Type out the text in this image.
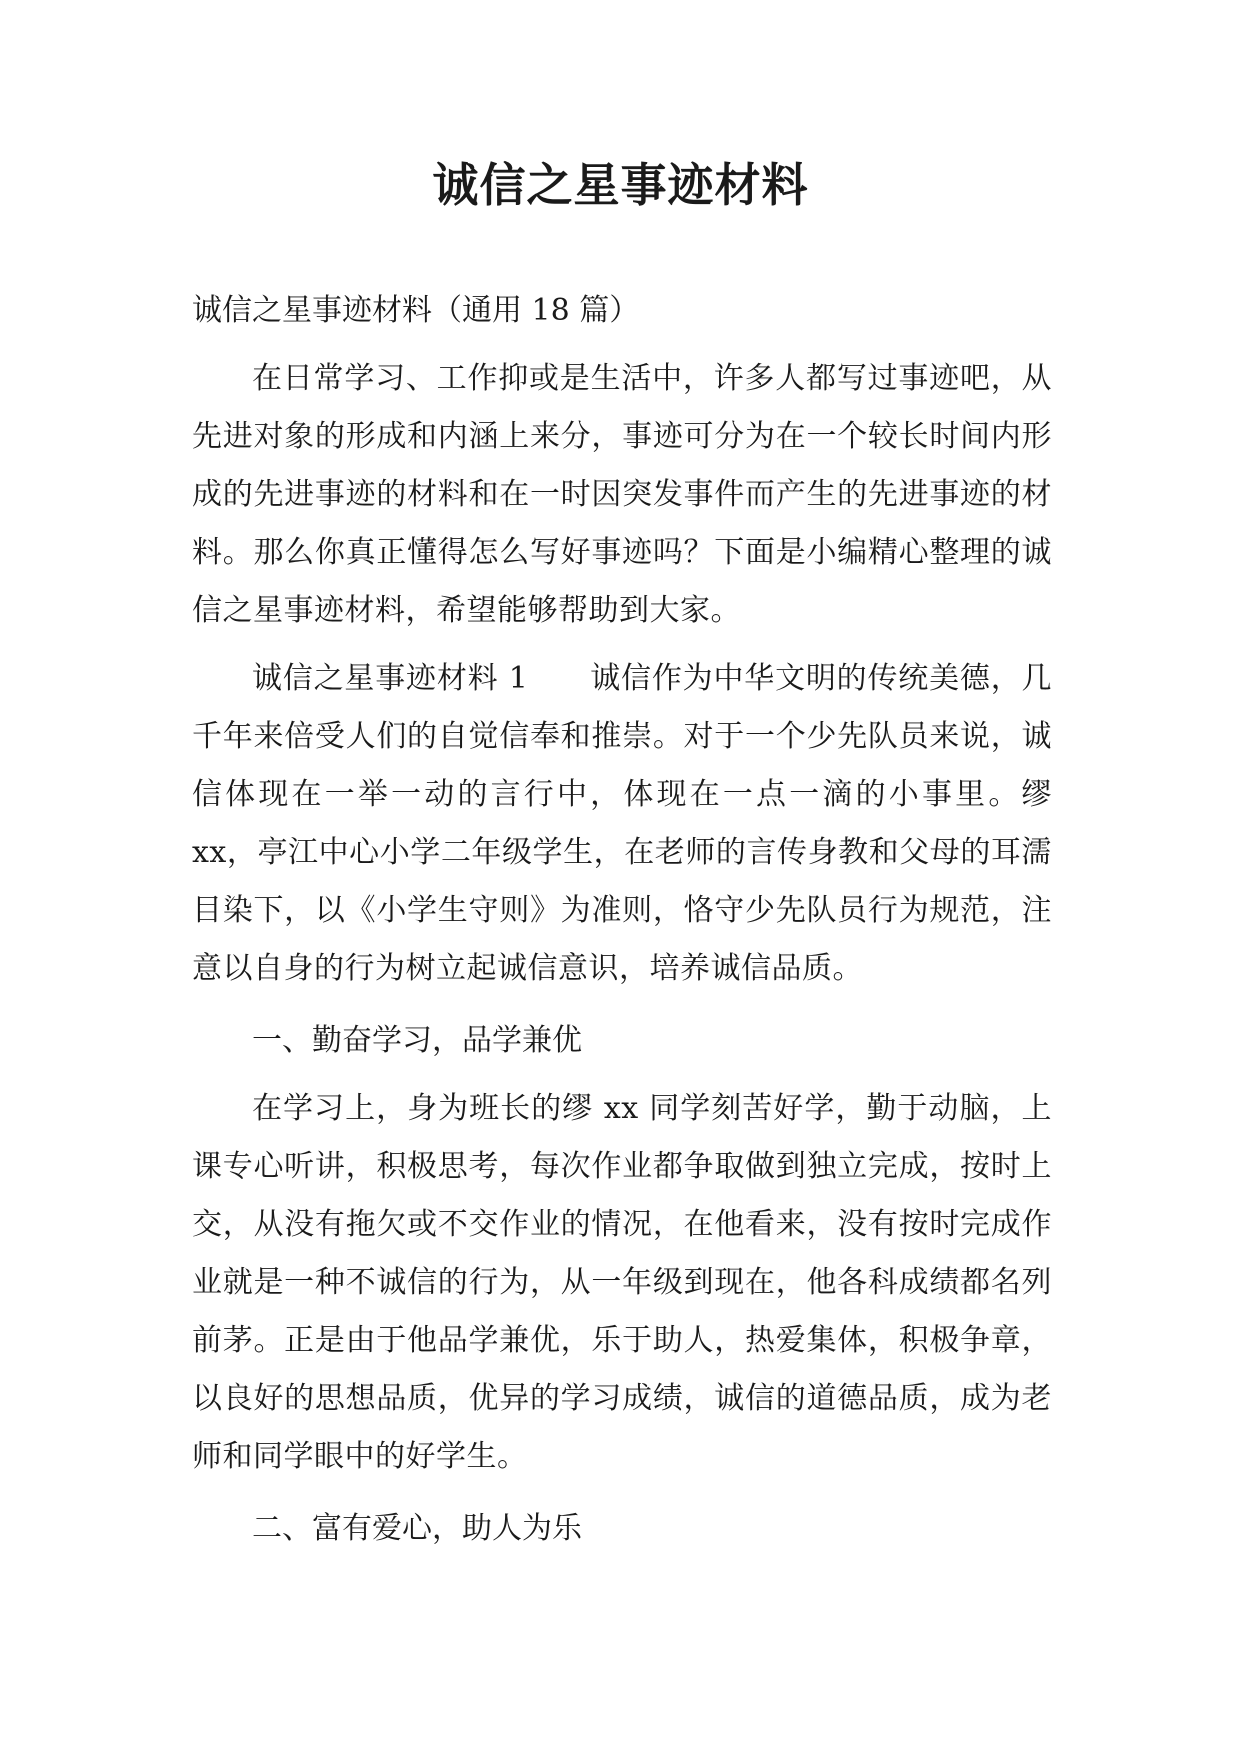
诚信之星事迹材料

诚信之星事迹材料（通用 18 篇）

在日常学习、工作抑或是生活中，许多人都写过事迹吧，从先进对象的形成和内涵上来分，事迹可分为在一个较长时间内形成的先进事迹的材料和在一时因突发事件而产生的先进事迹的材料。那么你真正懂得怎么写好事迹吗？下面是小编精心整理的诚信之星事迹材料，希望能够帮助到大家。

诚信之星事迹材料 1　　诚信作为中华文明的传统美德，几千年来倍受人们的自觉信奉和推崇。对于一个少先队员来说，诚信体现在一举一动的言行中，体现在一点一滴的小事里。缪 xx，亭江中心小学二年级学生，在老师的言传身教和父母的耳濡目染下，以《小学生守则》为准则，恪守少先队员行为规范，注意以自身的行为树立起诚信意识，培养诚信品质。

一、勤奋学习，品学兼优

在学习上，身为班长的缪 xx 同学刻苦好学，勤于动脑，上课专心听讲，积极思考，每次作业都争取做到独立完成，按时上交，从没有拖欠或不交作业的情况，在他看来，没有按时完成作业就是一种不诚信的行为，从一年级到现在，他各科成绩都名列前茅。正是由于他品学兼优，乐于助人，热爱集体，积极争章，以良好的思想品质，优异的学习成绩，诚信的道德品质，成为老师和同学眼中的好学生。

二、富有爱心，助人为乐
